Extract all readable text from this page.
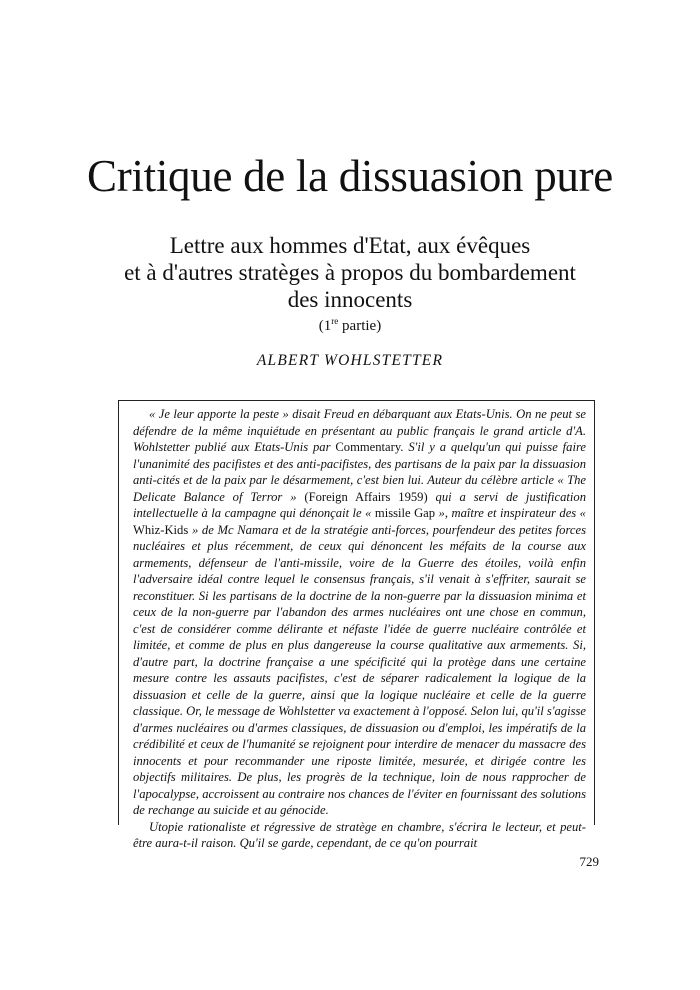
Critique de la dissuasion pure
Lettre aux hommes d'Etat, aux évêques
et à d'autres stratèges à propos du bombardement
des innocents
(1re partie)
ALBERT WOHLSTETTER

« Je leur apporte la peste » disait Freud en débarquant aux Etats-Unis. On ne peut se défendre de la même inquiétude en présentant au public français le grand article d'A. Wohlstetter publié aux Etats-Unis par Commentary. S'il y a quelqu'un qui puisse faire l'unanimité des pacifistes et des anti-pacifistes, des partisans de la paix par la dissuasion anti-cités et de la paix par le désarmement, c'est bien lui. Auteur du célèbre article « The Delicate Balance of Terror » (Foreign Affairs 1959) qui a servi de justification intellectuelle à la campagne qui dénonçait le « missile Gap », maître et inspirateur des « Whiz-Kids » de Mc Namara et de la stratégie anti-forces, pourfendeur des petites forces nucléaires et plus récemment, de ceux qui dénoncent les méfaits de la course aux armements, défenseur de l'anti-missile, voire de la Guerre des étoiles, voilà enfin l'adversaire idéal contre lequel le consensus français, s'il venait à s'effriter, saurait se reconstituer. Si les partisans de la doctrine de la non-guerre par la dissuasion minima et ceux de la non-guerre par l'abandon des armes nucléaires ont une chose en commun, c'est de considérer comme délirante et néfaste l'idée de guerre nucléaire contrôlée et limitée, et comme de plus en plus dangereuse la course qualitative aux armements. Si, d'autre part, la doctrine française a une spécificité qui la protège dans une certaine mesure contre les assauts pacifistes, c'est de séparer radicalement la logique de la dissuasion et celle de la guerre, ainsi que la logique nucléaire et celle de la guerre classique. Or, le message de Wohlstetter va exactement à l'opposé. Selon lui, qu'il s'agisse d'armes nucléaires ou d'armes classiques, de dissuasion ou d'emploi, les impératifs de la crédibilité et ceux de l'humanité se rejoignent pour interdire de menacer du massacre des innocents et pour recommander une riposte limitée, mesurée, et dirigée contre les objectifs militaires. De plus, les progrès de la technique, loin de nous rapprocher de l'apocalypse, accroissent au contraire nos chances de l'éviter en fournissant des solutions de rechange au suicide et au génocide.

Utopie rationaliste et régressive de stratège en chambre, s'écrira le lecteur, et peut-être aura-t-il raison. Qu'il se garde, cependant, de ce qu'on pourrait

729
